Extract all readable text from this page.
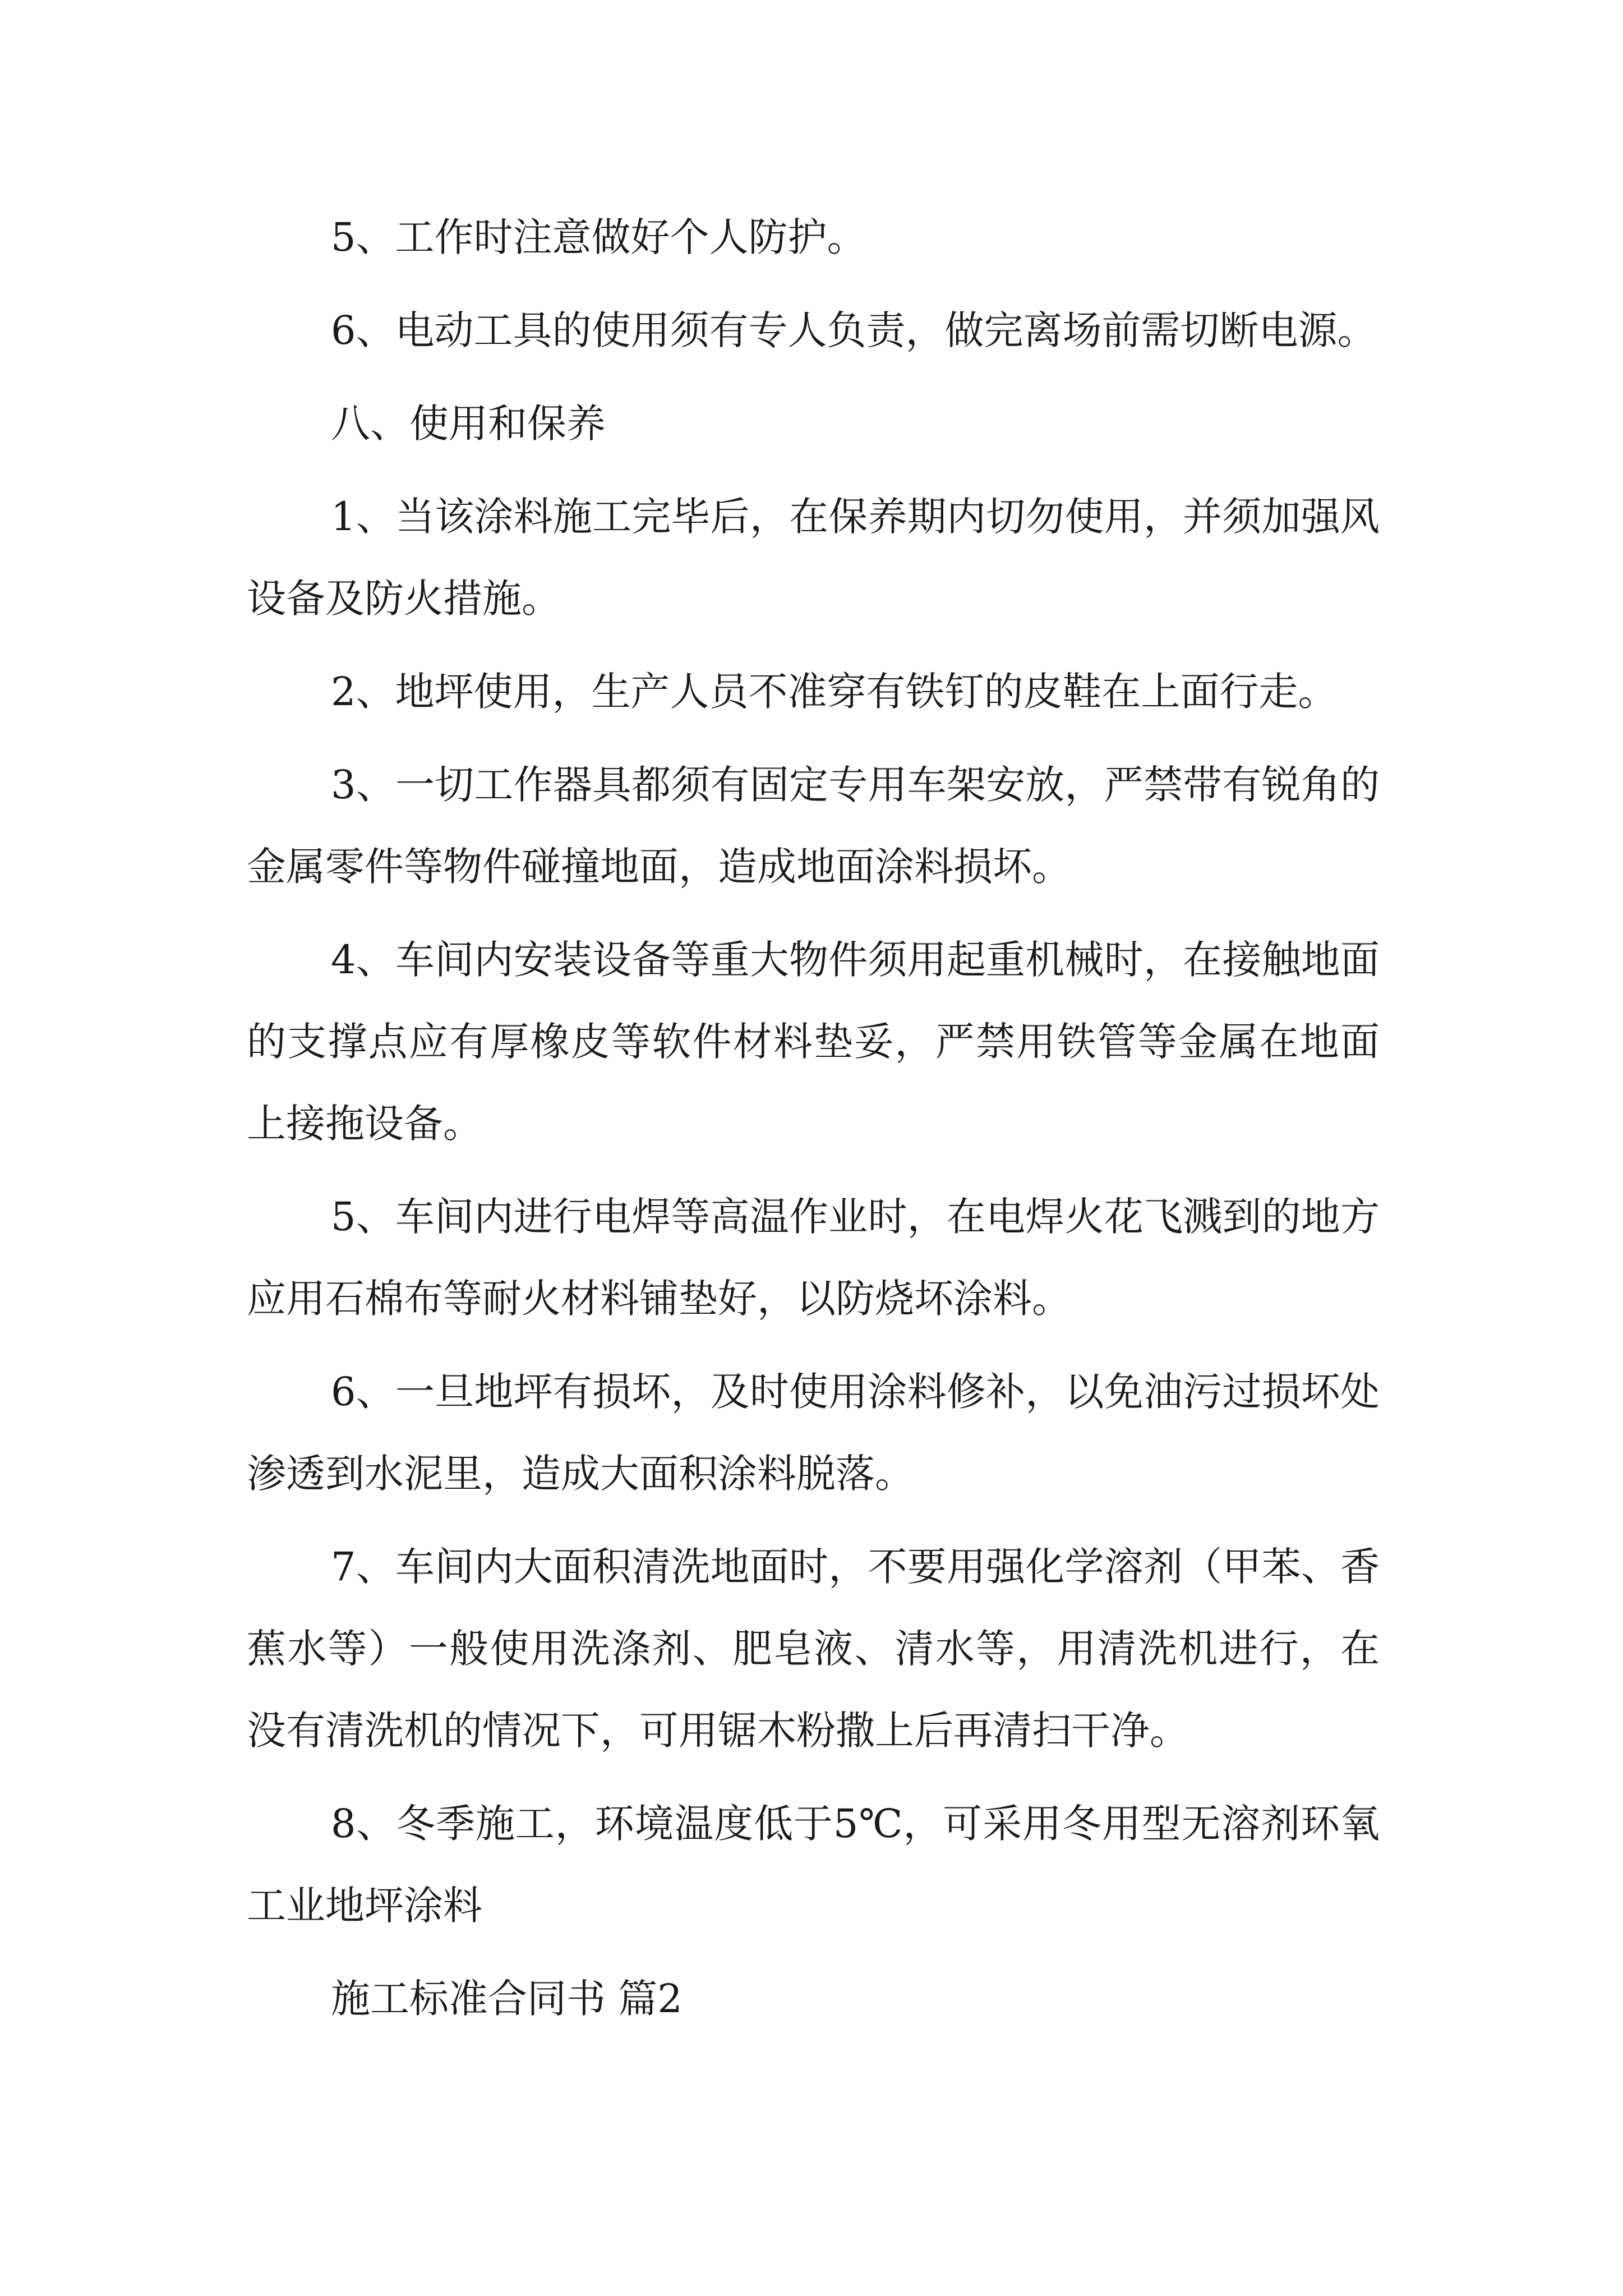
5、工作时注意做好个人防护。

6、电动工具的使用须有专人负责，做完离场前需切断电源。

八、使用和保养

1、当该涂料施工完毕后，在保养期内切勿使用，并须加强风设备及防火措施。

2、地坪使用，生产人员不准穿有铁钉的皮鞋在上面行走。

3、一切工作器具都须有固定专用车架安放，严禁带有锐角的金属零件等物件碰撞地面，造成地面涂料损坏。

4、车间内安装设备等重大物件须用起重机械时，在接触地面的支撑点应有厚橡皮等软件材料垫妥，严禁用铁管等金属在地面上接拖设备。

5、车间内进行电焊等高温作业时，在电焊火花飞溅到的地方应用石棉布等耐火材料铺垫好，以防烧坏涂料。

6、一旦地坪有损坏，及时使用涂料修补，以免油污过损坏处渗透到水泥里，造成大面积涂料脱落。

7、车间内大面积清洗地面时，不要用强化学溶剂（甲苯、香蕉水等）一般使用洗涤剂、肥皂液、清水等，用清洗机进行，在没有清洗机的情况下，可用锯木粉撒上后再清扫干净。

8、冬季施工，环境温度低于5℃，可采用冬用型无溶剂环氧工业地坪涂料

施工标准合同书 篇2
